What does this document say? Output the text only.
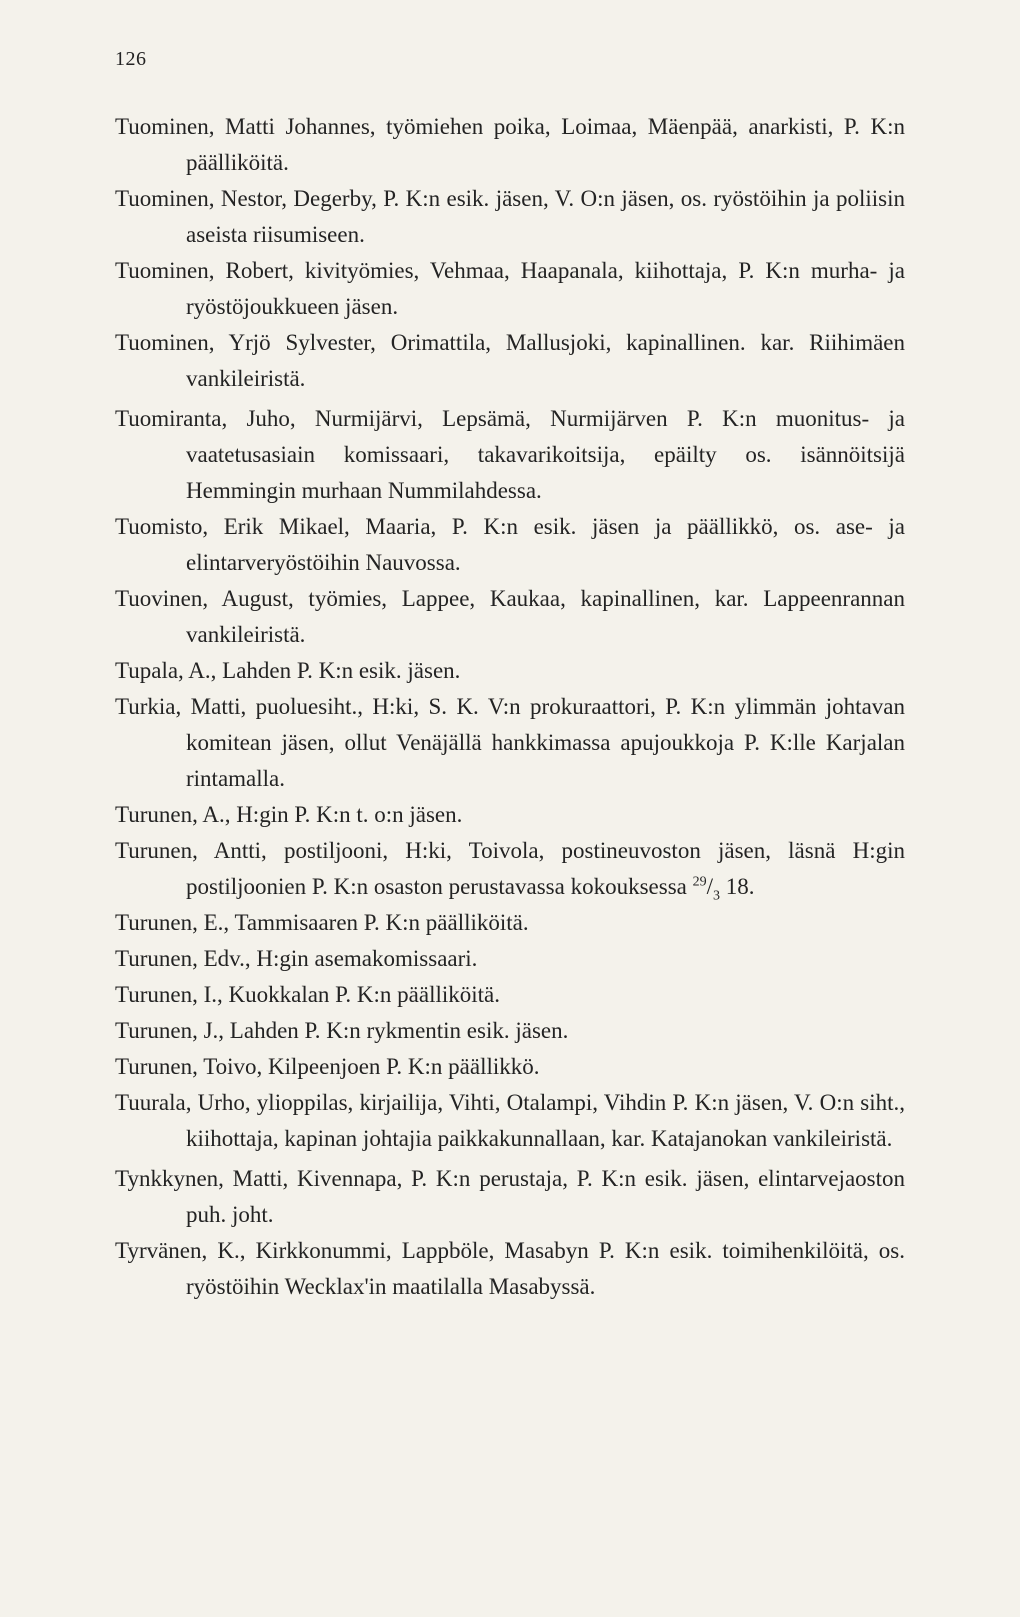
126

Tuominen, Matti Johannes, työmiehen poika, Loimaa, Mäenpää, anarkisti, P. K:n päälliköitä.

Tuominen, Nestor, Degerby, P. K:n esik. jäsen, V. O:n jäsen, os. ryöstöihin ja poliisin aseista riisumiseen.

Tuominen, Robert, kivityömies, Vehmaa, Haapanala, kiihottaja, P. K:n murha- ja ryöstöjoukkueen jäsen.

Tuominen, Yrjö Sylvester, Orimattila, Mallusjoki, kapinallinen. kar. Riihimäen vankileiristä.

Tuomiranta, Juho, Nurmijärvi, Lepsämä, Nurmijärven P. K:n muonitus- ja vaatetusasiain komissaari, takavarikoitsija, epäilty os. isännöitsijä Hemmingin murhaan Nummilahdessa.

Tuomisto, Erik Mikael, Maaria, P. K:n esik. jäsen ja päällikkö, os. ase- ja elintarveryöstöihin Nauvossa.

Tuovinen, August, työmies, Lappee, Kaukaa, kapinallinen, kar. Lappeenrannan vankileiristä.

Tupala, A., Lahden P. K:n esik. jäsen.

Turkia, Matti, puoluesiht., H:ki, S. K. V:n prokuraattori, P. K:n ylimmän johtavan komitean jäsen, ollut Venäjällä hankkimassa apujoukkoja P. K:lle Karjalan rintamalla.

Turunen, A., H:gin P. K:n t. o:n jäsen.

Turunen, Antti, postiljooni, H:ki, Toivola, postineuvoston jäsen, läsnä H:gin postiljoonien P. K:n osaston perustavassa kokouksessa $^{29}/_3$ 18.

Turunen, E., Tammisaaren P. K:n päälliköitä.

Turunen, Edv., H:gin asemakomissaari.

Turunen, I., Kuokkalan P. K:n päälliköitä.

Turunen, J., Lahden P. K:n rykmentin esik. jäsen.

Turunen, Toivo, Kilpeenjoen P. K:n päällikkö.

Tuurala, Urho, ylioppilas, kirjailija, Vihti, Otalampi, Vihdin P. K:n jäsen, V. O:n siht., kiihottaja, kapinan johtajia paikkakunnallaan, kar. Katajanokan vankileiristä.

Tynkkynen, Matti, Kivennapa, P. K:n perustaja, P. K:n esik. jäsen, elintarvejaoston puh. joht.

Tyrvänen, K., Kirkkonummi, Lappböle, Masabyn P. K:n esik. toimihenkilöitä, os. ryöstöihin Wecklax'in maatilalla Masabyssä.
